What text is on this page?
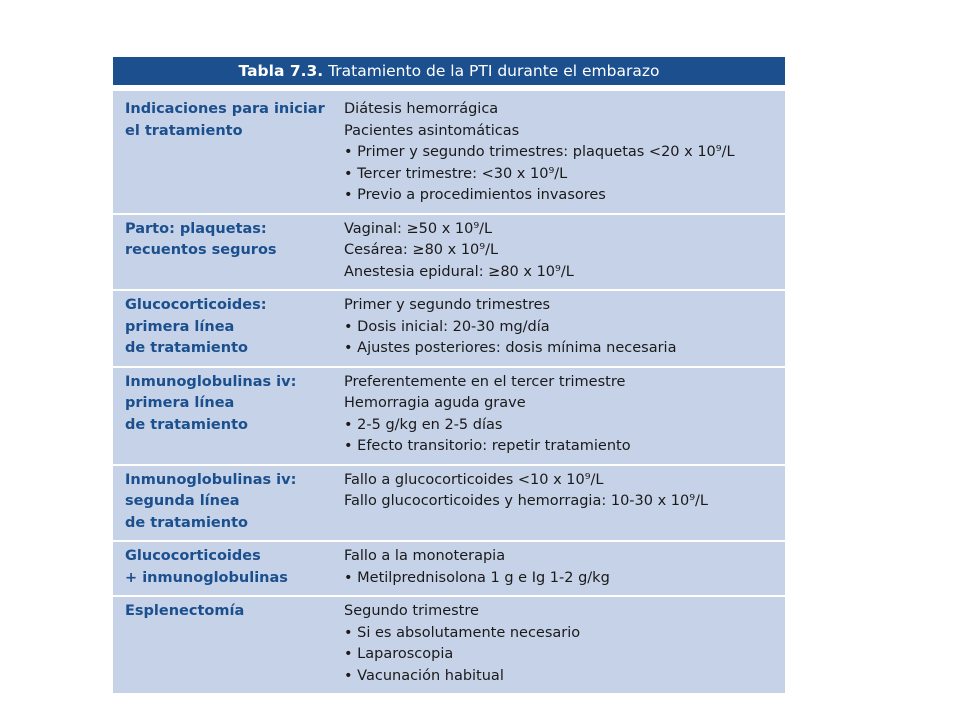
Tabla 7.3. Tratamiento de la PTI durante el embarazo
Indicaciones para iniciar
el tratamiento
Diátesis hemorrágica
Pacientes asintomáticas
• Primer y segundo trimestres: plaquetas <20 x 10⁹/L
• Tercer trimestre: <30 x 10⁹/L
• Previo a procedimientos invasores
Parto: plaquetas:
recuentos seguros
Vaginal: ≥50 x 10⁹/L
Cesárea: ≥80 x 10⁹/L
Anestesia epidural: ≥80 x 10⁹/L
Glucocorticoides:
primera línea
de tratamiento
Primer y segundo trimestres
• Dosis inicial: 20-30 mg/día
• Ajustes posteriores: dosis mínima necesaria
Inmunoglobulinas iv:
primera línea
de tratamiento
Preferentemente en el tercer trimestre
Hemorragia aguda grave
• 2-5 g/kg en 2-5 días
• Efecto transitorio: repetir tratamiento
Inmunoglobulinas iv:
segunda línea
de tratamiento
Fallo a glucocorticoides <10 x 10⁹/L
Fallo glucocorticoides y hemorragia: 10-30 x 10⁹/L
Glucocorticoides
+ inmunoglobulinas
Fallo a la monoterapia
• Metilprednisolona 1 g e Ig 1-2 g/kg
Esplenectomía	Segundo trimestre
• Si es absolutamente necesario
• Laparoscopia
• Vacunación habitual
